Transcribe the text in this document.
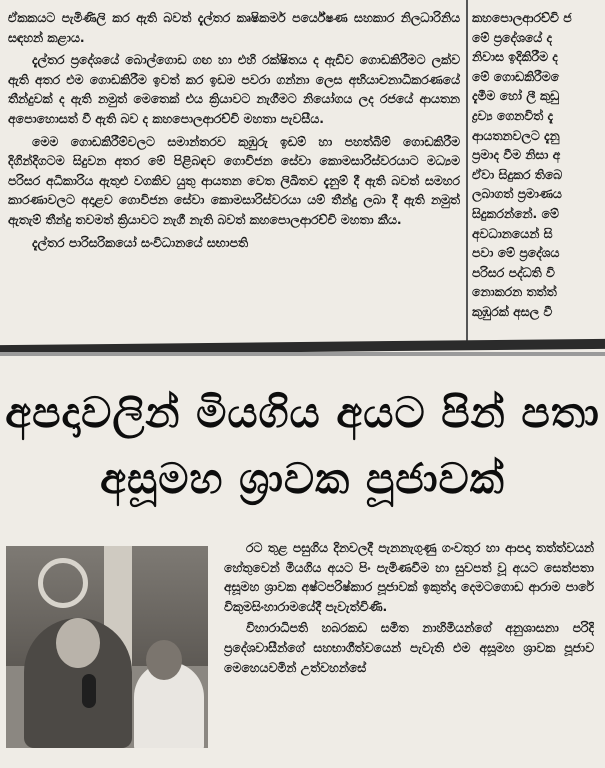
ඒකකයට පැමිණිලි කර ඇති බවත් දැල්තර කෘෂිකර්ම පර්යේෂණ සහකාර නිලධාරිනිය සඳහන් කළාය.

දැල්තර ප්‍රදේශයේ බොල්ගොඩ ගඟ හා එහි රක්ෂිතය ද ඇඩිව ගොඩකිරීමට ලක්ව ඇති අතර එම ගොඩකිරීම ඉවත් කර ඉඩම පවරා ගන්නා ලෙස අභියාචනාධිකරණයේ තීන්දුවක් ද ඇති නමුත් මෙතෙක් එය ක්‍රියාවට නැගීමට නියෝගය ලද රජයේ ආයතන අපොහොසත් වී ඇති බව ද කහපොලආරච්චි මහතා පැවසීය.

මෙම ගොඩකිරීම්වලට සමාන්තරව කුඹුරු ඉඩම් හා පහත්බිම් ගොඩකිරීම දිගින්දිගටම සිදුවන අතර මේ පිළිබඳව ගොවිජන සේවා කොමසාරිස්වරයාට මධ්‍යම පරිසර අධිකාරිය ඇතුළු වගකිව යුතු ආයතන වෙත ලිඛිතව දැනුම් දී ඇති බවත් සමහර කාරණාවලට අදාළව ගොවිජන සේවා කොමසාරිස්වරයා යම් තීන්දු ලබා දී ඇති නමුත් ඇතැම් තීන්දු තවමත් ක්‍රියාවට නැගී නැති බවත් කහපොලආරච්චි මහතා කීය.

දැල්තර පාරිසරිකයෝ සංවිධානයේ සභාපති

කහපොලආරච්චි ජ
මේ ප්‍රදේශයේ ද
නිවාස ඉදිකිරීම ද
මේ ගොඩකිරීම ෙ
දැමීම හෝ ලී කුඩු
ද්‍රව්‍ය ගෙනවිත් දැ
ආයතනවලට දැනු
ප්‍රමාද වීම නිසා අ
ඒවා සිදුකර තිබෙ
ලබාගත් ප්‍රමාණය
සිදුකරන්නේ. මේ
අවධානයෙන් සි
පවා මේ ප්‍රදේශය
පරිසර පද්ධති වි
නොකරන තත්ත්
කුඹුරක් අසල වී
අපදාවලින් මියගිය අයට පින් පතා
අසූමහ ශ්‍රාවක පූජාවක්

රට තුළ පසුගිය දිනවලදී පැනනැගුණු ගංවතුර හා ආපදා තත්ත්වයන් හේතුවෙන් මියගිය අයට පිං පැමිණවීම හා සුවපත් වූ අයට සෙත්පතා අසූමහ ශ්‍රාවක අෂ්ටපරිෂ්කාර පූජාවක් ඉකුත්දා දෙමටගොඩ ආරාම පාරේ විකුමසිංහාරාමයේදී පැවැත්විණි.

විහාරාධිපති හබරකඩ සමිත නාහිමියන්ගේ අනුශාසනා පරිදි ප්‍රදේශවාසීන්ගේ සහභාගීත්වයෙන් පැවැති එම අසූමහ ශ්‍රාවක පූජාව මෙහෙයවමින් උත්වහන්සේ
